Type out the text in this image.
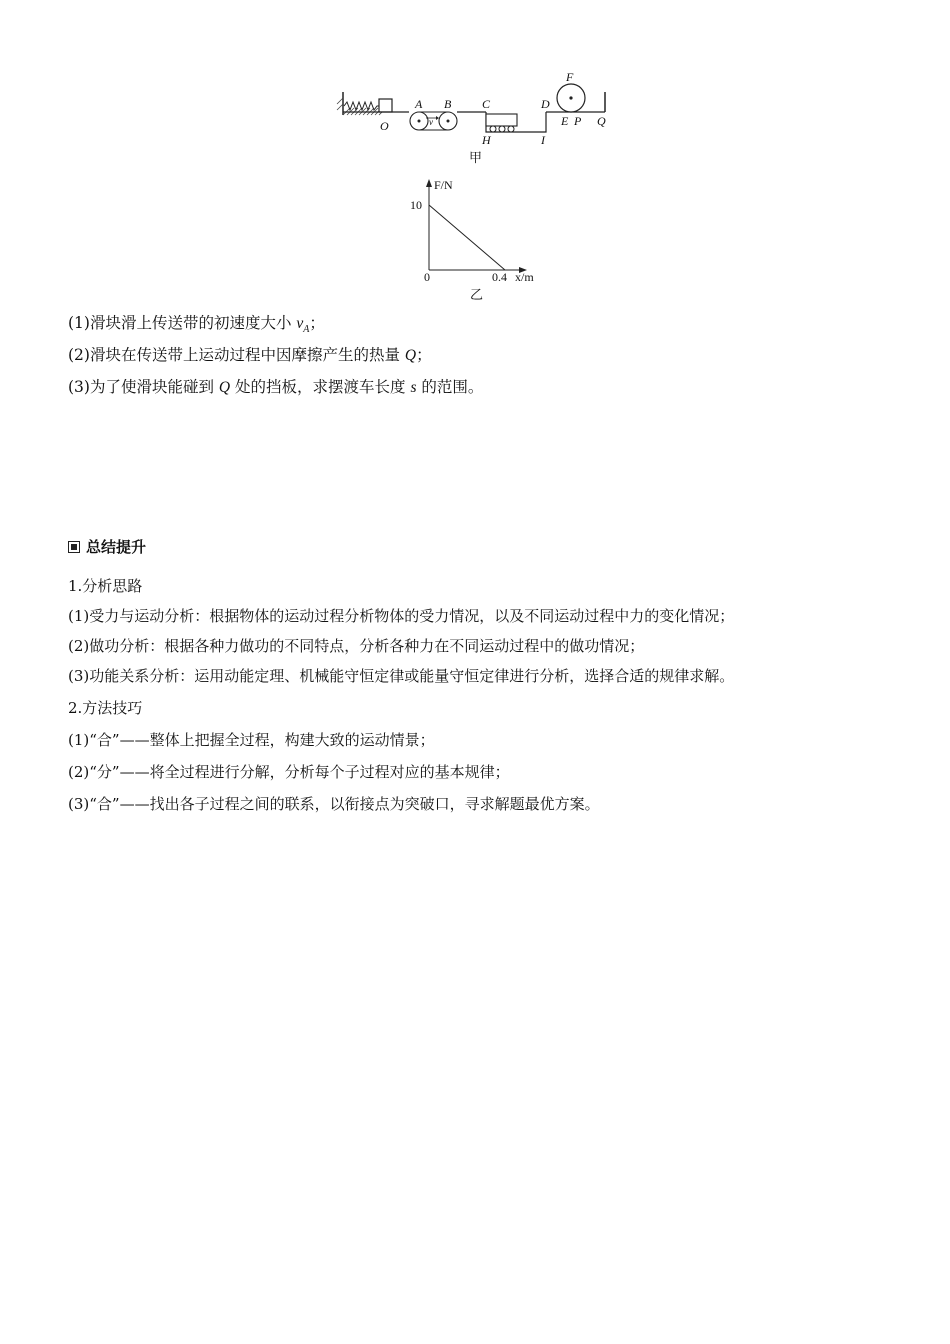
O
A B	C	D
F
E P Q
H	I
v
甲
F/N
10
0	0.4 x/m
乙
(1)滑块滑上传送带的初速度大小 $v_A$；
(2)滑块在传送带上运动过程中因摩擦产生的热量 Q；
(3)为了使滑块能碰到 Q 处的挡板，求摆渡车长度 s 的范围。
总结提升
1.分析思路
(1)受力与运动分析：根据物体的运动过程分析物体的受力情况，以及不同运动过程中力的变化情况；
(2)做功分析：根据各种力做功的不同特点，分析各种力在不同运动过程中的做功情况；
(3)功能关系分析：运用动能定理、机械能守恒定律或能量守恒定律进行分析，选择合适的规律求解。
2.方法技巧
(1)“合”——整体上把握全过程，构建大致的运动情景；
(2)“分”——将全过程进行分解，分析每个子过程对应的基本规律；
(3)“合”——找出各子过程之间的联系，以衔接点为突破口，寻求解题最优方案。
